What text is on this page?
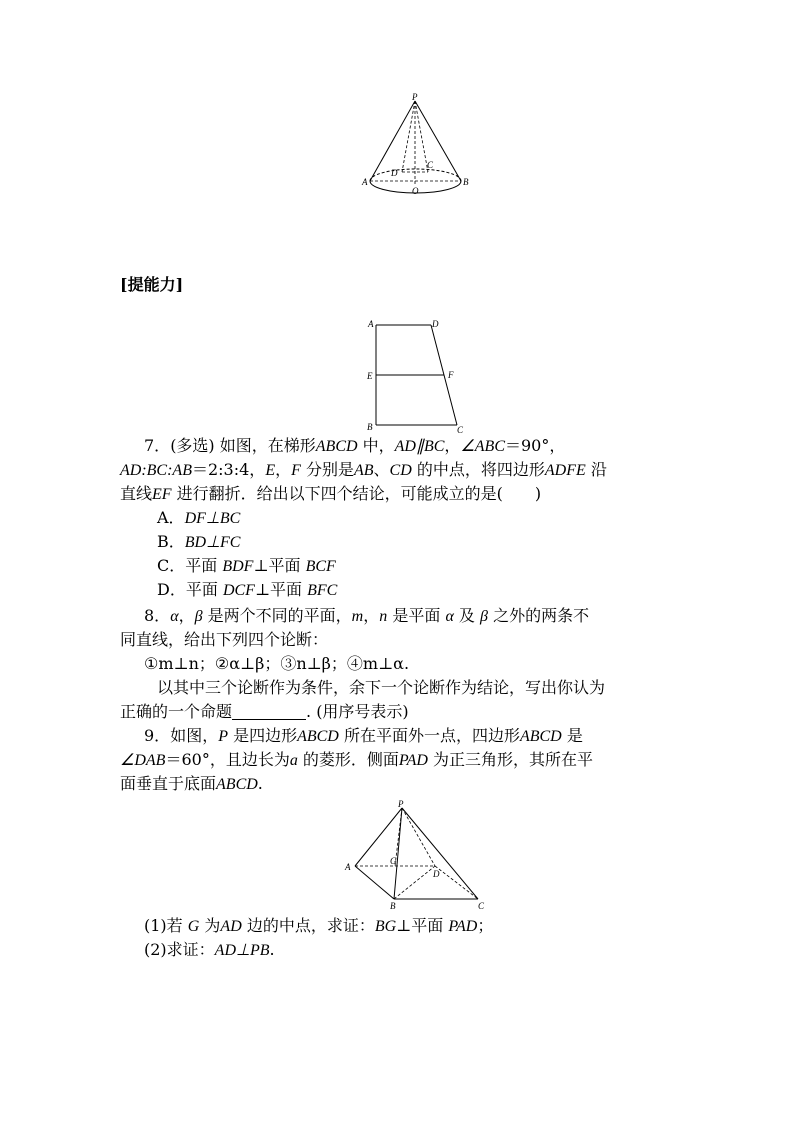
P
A	B
O
C
D
[提能力]
A	D
E	F
B	C
7．(多选) 如图，在梯形ABCD 中，AD∥BC，∠ABC＝90°，
AD:BC:AB＝2:3:4，E，F 分别是AB、CD 的中点，将四边形ADFE 沿
直线EF 进行翻折．给出以下四个结论，可能成立的是(　　)
A．DF⊥BC
B．BD⊥FC
C．平面 BDF⊥平面 BCF
D．平面 DCF⊥平面 BFC
8．α，β 是两个不同的平面，m，n 是平面 α 及 β 之外的两条不
同直线，给出下列四个论断：
①m⊥n；②α⊥β；③n⊥β；④m⊥α.
以其中三个论断作为条件，余下一个论断作为结论，写出你认为
正确的一个命题	. (用序号表示)
9．如图，P 是四边形ABCD 所在平面外一点，四边形ABCD 是
∠DAB＝60°，且边长为a 的菱形．侧面PAD 为正三角形，其所在平
面垂直于底面ABCD.
P
A
G
D
B	C
(1)若 G 为AD 边的中点，求证：BG⊥平面 PAD；
(2)求证：AD⊥PB.
